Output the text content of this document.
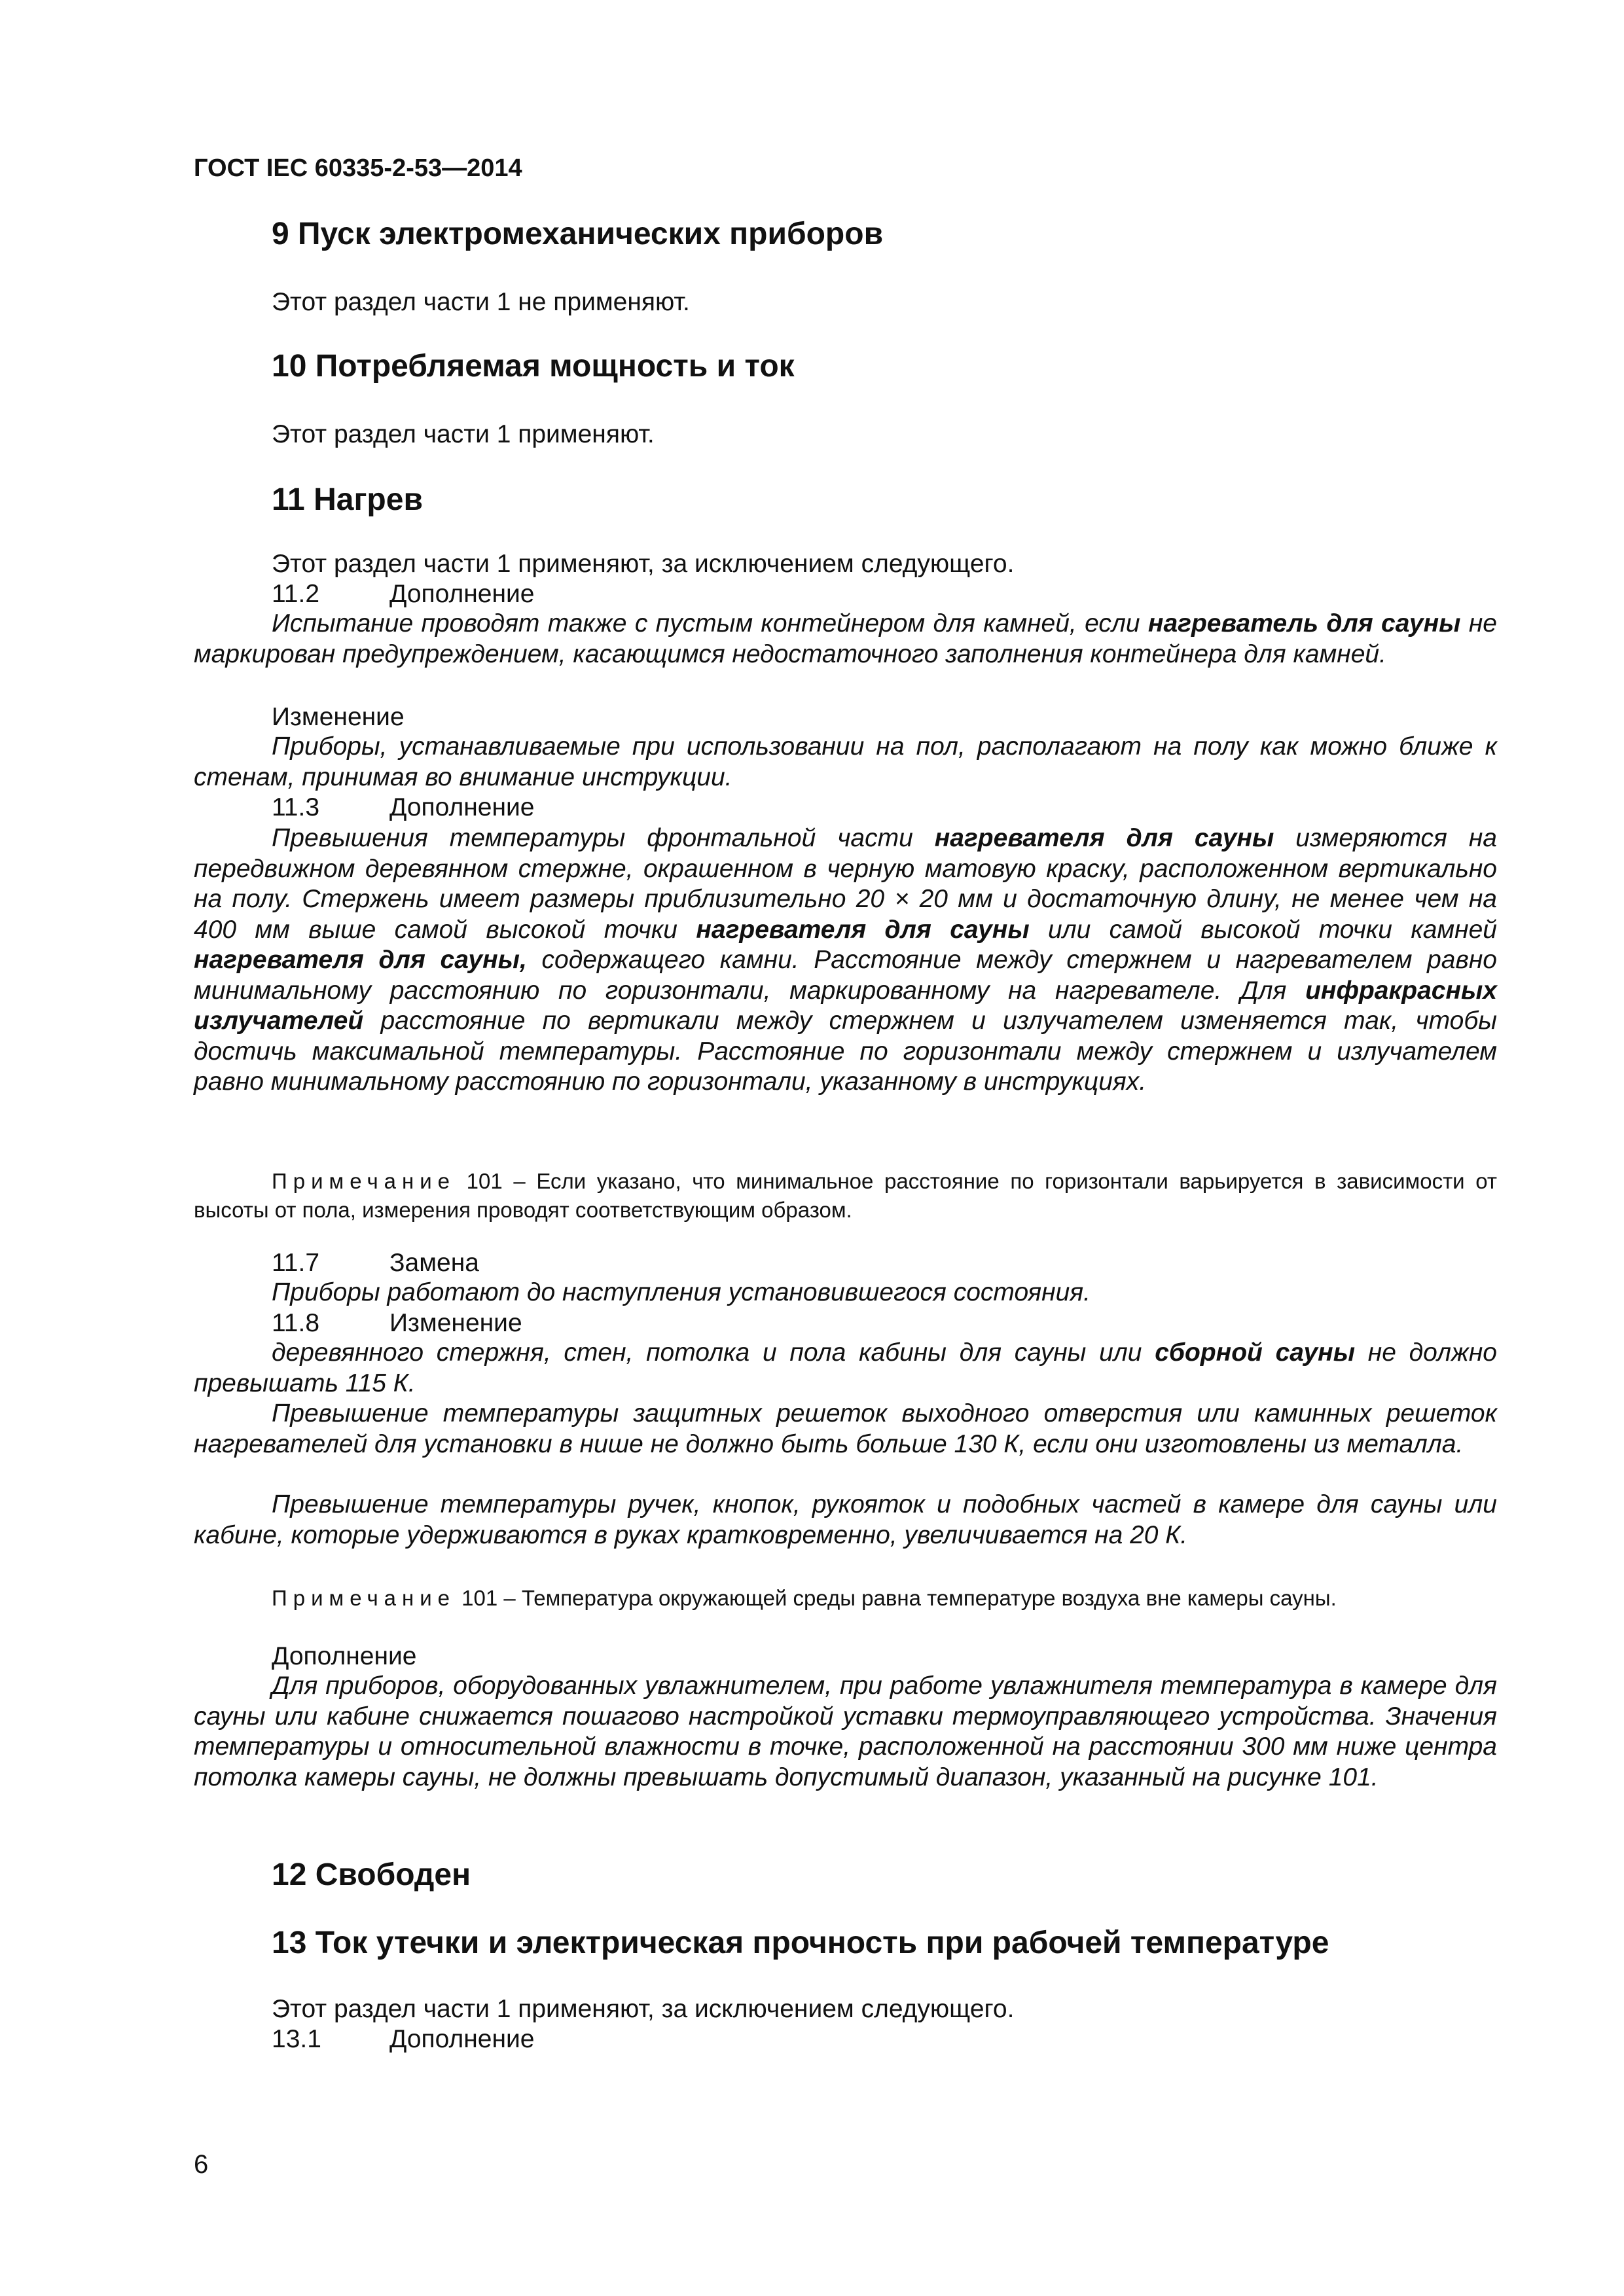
ГОСТ IEC 60335-2-53—2014
9 Пуск электромеханических приборов
Этот раздел части 1 не применяют.
10 Потребляемая мощность и ток
Этот раздел части 1 применяют.
11 Нагрев
Этот раздел части 1 применяют, за исключением следующего.
11.2	Дополнение
Испытание проводят также с пустым контейнером для камней, если нагреватель для сауны не маркирован предупреждением, касающимся недостаточного заполнения контейнера для камней.
Изменение
Приборы, устанавливаемые при использовании на пол, располагают на полу как можно ближе к стенам, принимая во внимание инструкции.
11.3	Дополнение
Превышения температуры фронтальной части нагревателя для сауны измеряются на передвижном деревянном стержне, окрашенном в черную матовую краску, расположенном вертикально на полу. Стержень имеет размеры приблизительно 20 × 20 мм и достаточную длину, не менее чем на 400 мм выше самой высокой точки нагревателя для сауны или самой высокой точки камней нагревателя для сауны, содержащего камни. Расстояние между стержнем и нагревателем равно минимальному расстоянию по горизонтали, маркированному на нагревателе. Для инфракрасных излучателей расстояние по вертикали между стержнем и излучателем изменяется так, чтобы достичь максимальной температуры. Расстояние по горизонтали между стержнем и излучателем равно минимальному расстоянию по горизонтали, указанному в инструкциях.
Примечание 101 – Если указано, что минимальное расстояние по горизонтали варьируется в зависимости от высоты от пола, измерения проводят соответствующим образом.
11.7	Замена
Приборы работают до наступления установившегося состояния.
11.8	Изменение
деревянного стержня, стен, потолка и пола кабины для сауны или сборной сауны не должно превышать 115 К.
Превышение температуры защитных решеток выходного отверстия или каминных решеток нагревателей для установки в нише не должно быть больше 130 К, если они изготовлены из металла.
Превышение температуры ручек, кнопок, рукояток и подобных частей в камере для сауны или кабине, которые удерживаются в руках кратковременно, увеличивается на 20 К.
Примечание 101 – Температура окружающей среды равна температуре воздуха вне камеры сауны.
Дополнение
Для приборов, оборудованных увлажнителем, при работе увлажнителя температура в камере для сауны или кабине снижается пошагово настройкой уставки термоуправляющего устройства. Значения температуры и относительной влажности в точке, расположенной на расстоянии 300 мм ниже центра потолка камеры сауны, не должны превышать допустимый диапазон, указанный на рисунке 101.
12 Свободен
13 Ток утечки и электрическая прочность при рабочей температуре
Этот раздел части 1 применяют, за исключением следующего.
13.1	Дополнение
6
